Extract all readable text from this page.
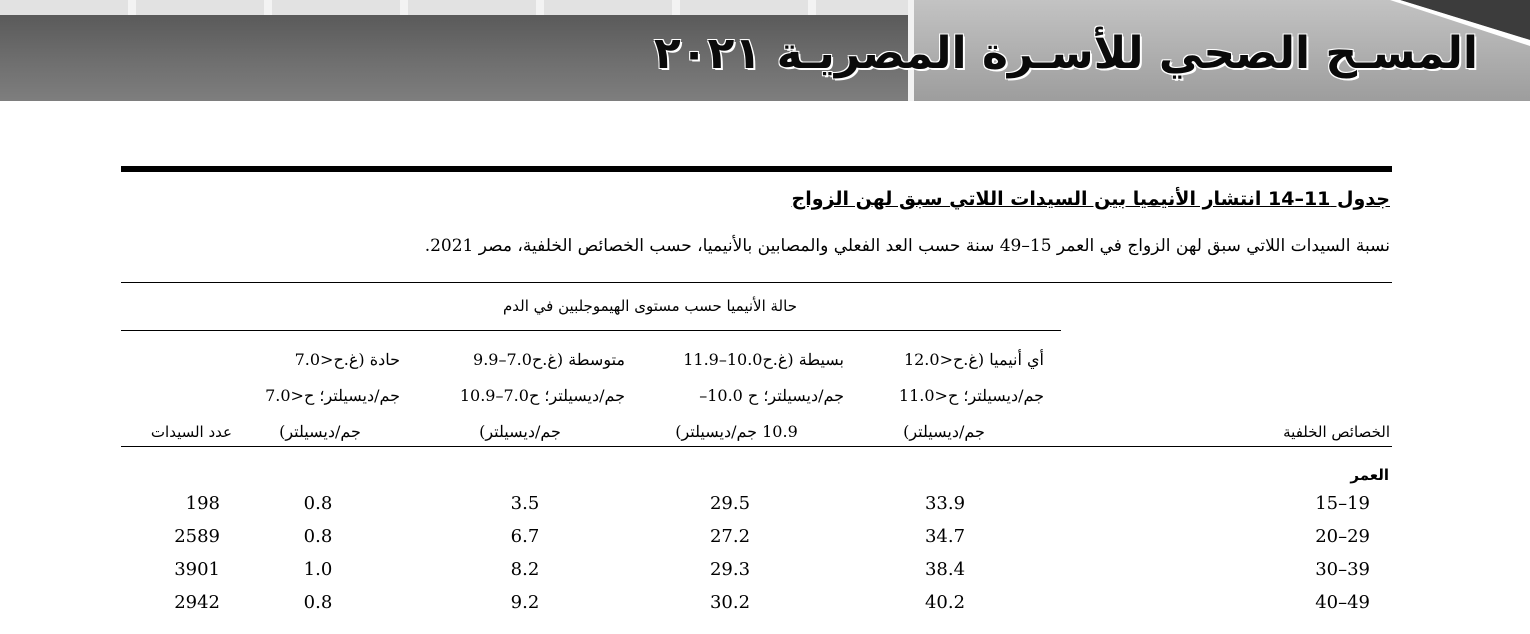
المسـح الصحي للأسـرة المصريـة ٢٠٢١
جدول 11–14 انتشار الأنيميا بين السيدات اللاتي سبق لهن الزواج
نسبة السيدات اللاتي سبق لهن الزواج في العمر 15–49 سنة حسب العد الفعلي والمصابين بالأنيميا، حسب الخصائص الخلفية، مصر 2021.
حالة الأنيميا حسب مستوى الهيموجلبين في الدم
الخصائص الخلفية
أي أنيميا (غ.ح<12.0
جم/ديسيلتر؛ ح<11.0
جم/ديسيلتر)
بسيطة (غ.ح10.0–11.9
جم/ديسيلتر؛ ح 10.0–
10.9 جم/ديسيلتر)
متوسطة (غ.ح7.0–9.9
جم/ديسيلتر؛ ح7.0–10.9
جم/ديسيلتر)
حادة (غ.ح<7.0
جم/ديسيلتر؛ ح<7.0
جم/ديسيلتر)
عدد السيدات
العمر
15–19
33.9
29.5
3.5
0.8
198
20–29
34.7
27.2
6.7
0.8
2589
30–39
38.4
29.3
8.2
1.0
3901
40–49
40.2
30.2
9.2
0.8
2942
